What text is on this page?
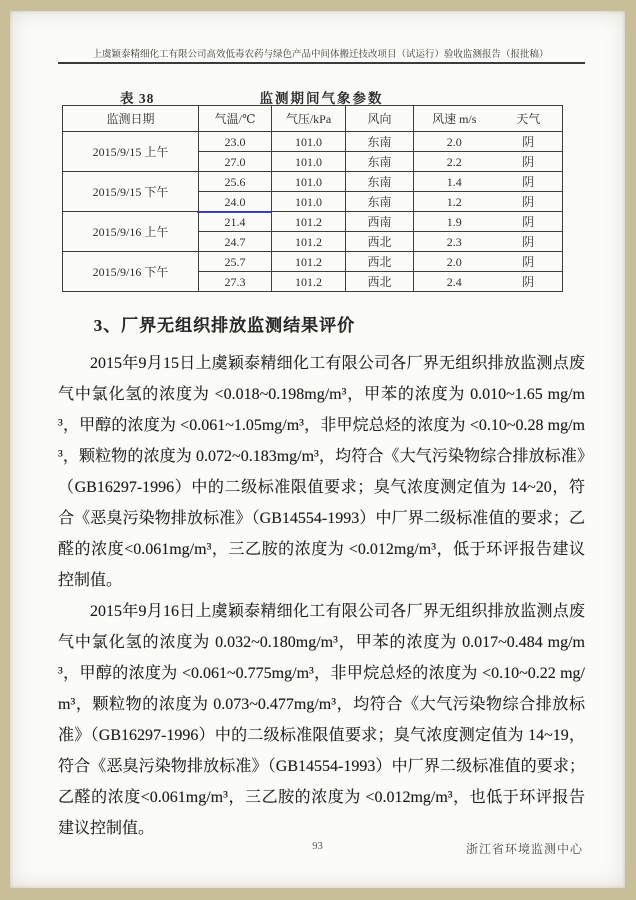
上虞颖泰精细化工有限公司高效低毒农药与绿色产品中间体搬迁技改项目（试运行）验收监测报告（报批稿）
表 38	监测期间气象参数
监测日期	气温/℃	气压/kPa	风向	风速 m/s	天气
2015/9/15 上午	23.0	101.0	东南	2.0	阴
	27.0	101.0	东南	2.2	阴
2015/9/15 下午	25.6	101.0	东南	1.4	阴
	24.0	101.0	东南	1.2	阴
2015/9/16 上午	21.4	101.2	西南	1.9	阴
	24.7	101.2	西北	2.3	阴
2015/9/16 下午	25.7	101.2	西北	2.0	阴
	27.3	101.2	西北	2.4	阴

3、厂界无组织排放监测结果评价

2015年9月15日上虞颖泰精细化工有限公司各厂界无组织排放监测点废气中氯化氢的浓度为 <0.018~0.198mg/m³，甲苯的浓度为 0.010~1.65 mg/m³，甲醇的浓度为 <0.061~1.05mg/m³，非甲烷总烃的浓度为 <0.10~0.28 mg/m³，颗粒物的浓度为 0.072~0.183mg/m³，均符合《大气污染物综合排放标准》（GB16297-1996）中的二级标准限值要求；臭气浓度测定值为 14~20，符合《恶臭污染物排放标准》（GB14554-1993）中厂界二级标准值的要求；乙醛的浓度<0.061mg/m³，三乙胺的浓度为 <0.012mg/m³，低于环评报告建议控制值。

2015年9月16日上虞颖泰精细化工有限公司各厂界无组织排放监测点废气中氯化氢的浓度为 0.032~0.180mg/m³，甲苯的浓度为 0.017~0.484 mg/m³，甲醇的浓度为 <0.061~0.775mg/m³，非甲烷总烃的浓度为 <0.10~0.22 mg/m³，颗粒物的浓度为 0.073~0.477mg/m³，均符合《大气污染物综合排放标准》（GB16297-1996）中的二级标准限值要求；臭气浓度测定值为 14~19，符合《恶臭污染物排放标准》（GB14554-1993）中厂界二级标准值的要求；乙醛的浓度<0.061mg/m³，三乙胺的浓度为 <0.012mg/m³，也低于环评报告建议控制值。

93	浙江省环境监测中心
